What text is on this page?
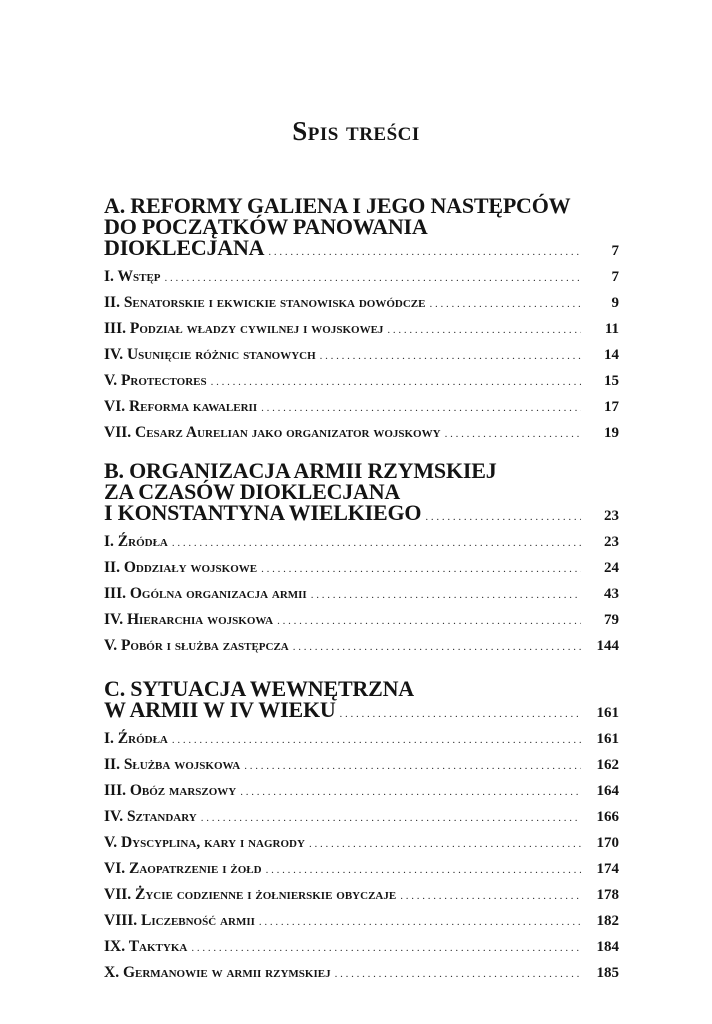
Spis treści
A. REFORMY GALIENA I JEGO NASTĘPCÓW
DO POCZĄTKÓW PANOWANIA
DIOKLECJANA . . .	7
I. Wstęp . . .	7
II. Senatorskie i ekwickie stanowiska dowódcze . . .	9
III. Podział władzy cywilnej i wojskowej . . .	11
IV. Usunięcie różnic stanowych . . .	14
V. Protectores . . .	15
VI. Reforma kawalerii . . .	17
VII. Cesarz Aurelian jako organizator wojskowy . . .	19
B. ORGANIZACJA ARMII RZYMSKIEJ
ZA CZASÓW DIOKLECJANA
I KONSTANTYNA WIELKIEGO . . .	23
I. Źródła . . .	23
II. Oddziały wojskowe . . .	24
III. Ogólna organizacja armii . . .	43
IV. Hierarchia wojskowa . . .	79
V. Pobór i służba zastępcza . . .	144
C. SYTUACJA WEWNĘTRZNA
W ARMII W IV WIEKU . . .	161
I. Źródła . . .	161
II. Służba wojskowa . . .	162
III. Obóz marszowy . . .	164
IV. Sztandary . . .	166
V. Dyscyplina, kary i nagrody . . .	170
VI. Zaopatrzenie i żołd . . .	174
VII. Życie codzienne i żołnierskie obyczaje . . .	178
VIII. Liczebność armii . . .	182
IX. Taktyka . . .	184
X. Germanowie w armii rzymskiej . . .	185
